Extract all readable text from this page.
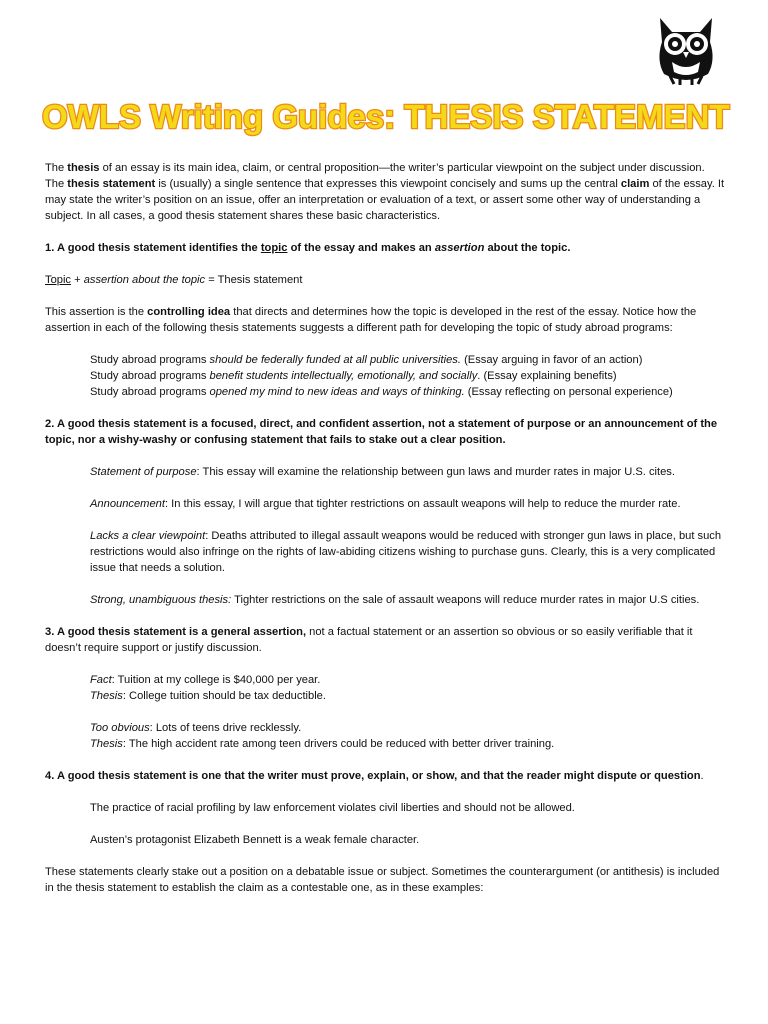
OWLS Writing Guides: THESIS STATEMENT

The thesis of an essay is its main idea, claim, or central proposition—the writer’s particular viewpoint on the subject under discussion. The thesis statement is (usually) a single sentence that expresses this viewpoint concisely and sums up the central claim of the essay. It may state the writer’s position on an issue, offer an interpretation or evaluation of a text, or assert some other way of understanding a subject. In all cases, a good thesis statement shares these basic characteristics.

1. A good thesis statement identifies the topic of the essay and makes an assertion about the topic.

Topic + assertion about the topic = Thesis statement

This assertion is the controlling idea that directs and determines how the topic is developed in the rest of the essay. Notice how the assertion in each of the following thesis statements suggests a different path for developing the topic of study abroad programs:

Study abroad programs should be federally funded at all public universities. (Essay arguing in favor of an action)

Study abroad programs benefit students intellectually, emotionally, and socially. (Essay explaining benefits)

Study abroad programs opened my mind to new ideas and ways of thinking. (Essay reflecting on personal experience)

2. A good thesis statement is a focused, direct, and confident assertion, not a statement of purpose or an announcement of the topic, nor a wishy-washy or confusing statement that fails to stake out a clear position.

Statement of purpose: This essay will examine the relationship between gun laws and murder rates in major U.S. cites.

Announcement: In this essay, I will argue that tighter restrictions on assault weapons will help to reduce the murder rate.

Lacks a clear viewpoint: Deaths attributed to illegal assault weapons would be reduced with stronger gun laws in place, but such restrictions would also infringe on the rights of law-abiding citizens wishing to purchase guns. Clearly, this is a very complicated issue that needs a solution.

Strong, unambiguous thesis: Tighter restrictions on the sale of assault weapons will reduce murder rates in major U.S cities.

3. A good thesis statement is a general assertion, not a factual statement or an assertion so obvious or so easily verifiable that it doesn’t require support or justify discussion.

Fact: Tuition at my college is $40,000 per year.

Thesis: College tuition should be tax deductible.

Too obvious: Lots of teens drive recklessly.

Thesis: The high accident rate among teen drivers could be reduced with better driver training.

4. A good thesis statement is one that the writer must prove, explain, or show, and that the reader might dispute or question.

The practice of racial profiling by law enforcement violates civil liberties and should not be allowed.

Austen’s protagonist Elizabeth Bennett is a weak female character.

These statements clearly stake out a position on a debatable issue or subject. Sometimes the counterargument (or antithesis) is included in the thesis statement to establish the claim as a contestable one, as in these examples:
